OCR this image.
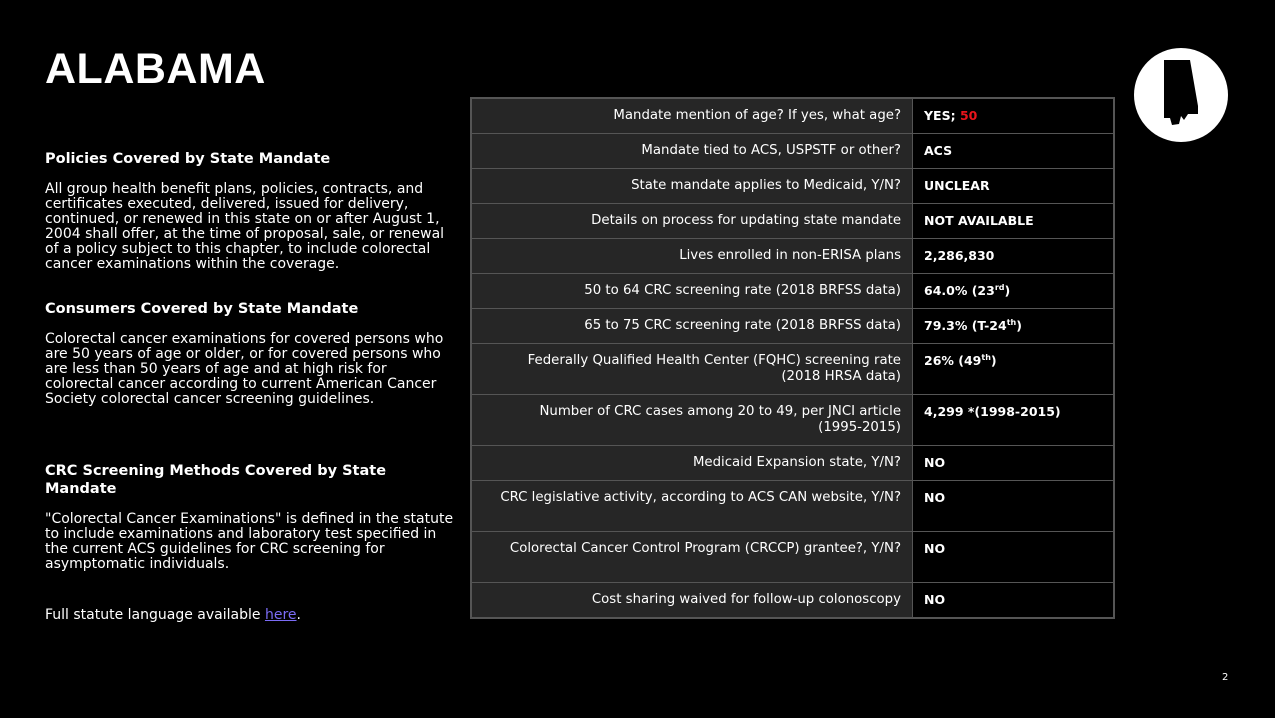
ALABAMA

Policies Covered by State Mandate

All group health benefit plans, policies, contracts, and certificates executed, delivered, issued for delivery, continued, or renewed in this state on or after August 1, 2004 shall offer, at the time of proposal, sale, or renewal of a policy subject to this chapter, to include colorectal cancer examinations within the coverage.

Consumers Covered by State Mandate

Colorectal cancer examinations for covered persons who are 50 years of age or older, or for covered persons who are less than 50 years of age and at high risk for colorectal cancer according to current American Cancer Society colorectal cancer screening guidelines.

CRC Screening Methods Covered by State Mandate

"Colorectal Cancer Examinations" is defined in the statute to include examinations and laboratory test specified in the current ACS guidelines for CRC screening for asymptomatic individuals.

Full statute language available here.
Mandate mention of age? If yes, what age?	YES; 50
Mandate tied to ACS, USPSTF or other?	ACS
State mandate applies to Medicaid, Y/N?	UNCLEAR
Details on process for updating state mandate	NOT AVAILABLE
Lives enrolled in non-ERISA plans	2,286,830
50 to 64 CRC screening rate (2018 BRFSS data)	64.0% (23rd)
65 to 75 CRC screening rate (2018 BRFSS data)	79.3% (T-24th)
Federally Qualified Health Center (FQHC) screening rate (2018 HRSA data)	26% (49th)
Number of CRC cases among 20 to 49, per JNCI article (1995-2015)	4,299 *(1998-2015)
Medicaid Expansion state, Y/N?	NO
CRC legislative activity, according to ACS CAN website, Y/N?	NO
Colorectal Cancer Control Program (CRCCP) grantee?, Y/N?	NO
Cost sharing waived for follow-up colonoscopy	NO
2
